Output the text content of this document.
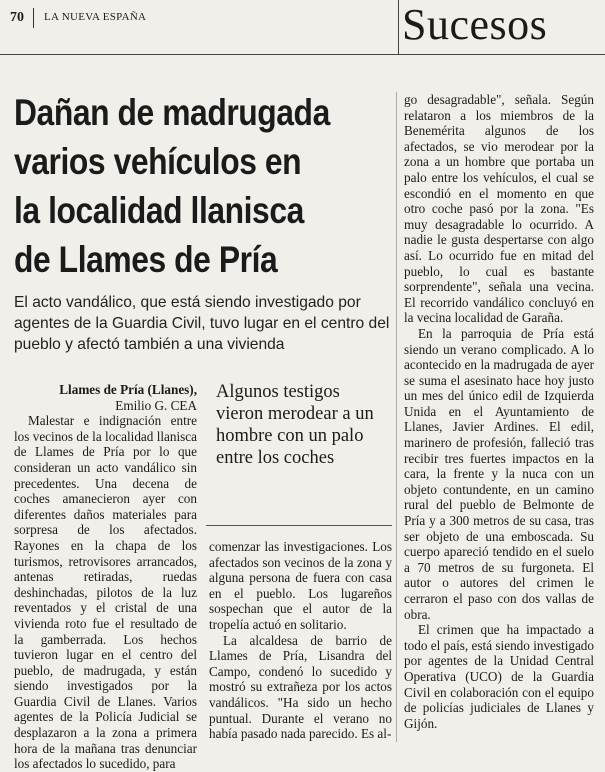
70 LA NUEVA ESPAÑA	Sucesos
Dañan de madrugada
varios vehículos en
la localidad llanisca
de Llames de Pría
El acto vandálico, que está siendo investigado por agentes de la Guardia Civil, tuvo lugar en el centro del pueblo y afectó también a una vivienda

Llames de Pría (Llanes),

Emilio G. CEA

Malestar e indignación entre los vecinos de la localidad llanisca de Llames de Pría por lo que consideran un acto vandálico sin precedentes. Una decena de coches amanecieron ayer con diferentes daños materiales para sorpresa de los afectados. Rayones en la chapa de los turismos, retrovisores arrancados, antenas retiradas, ruedas deshinchadas, pilotos de la luz reventados y el cristal de una vivienda roto fue el resultado de la gamberrada. Los hechos tuvieron lugar en el centro del pueblo, de madrugada, y están siendo investigados por la Guardia Civil de Llanes. Varios agentes de la Policía Judicial se desplazaron a la zona a primera hora de la mañana tras denunciar los afectados lo sucedido, para

Algunos testigos vieron merodear a un hombre con un palo entre los coches

comenzar las investigaciones. Los afectados son vecinos de la zona y alguna persona de fuera con casa en el pueblo. Los lugareños sospechan que el autor de la tropelía actuó en solitario.

La alcaldesa de barrio de Llames de Pría, Lisandra del Campo, condenó lo sucedido y mostró su extrañeza por los actos vandálicos. "Ha sido un hecho puntual. Durante el verano no había pasado nada parecido. Es al-

go desagradable", señala. Según relataron a los miembros de la Benemérita algunos de los afectados, se vio merodear por la zona a un hombre que portaba un palo entre los vehículos, el cual se escondió en el momento en que otro coche pasó por la zona. "Es muy desagradable lo ocurrido. A nadie le gusta despertarse con algo así. Lo ocurrido fue en mitad del pueblo, lo cual es bastante sorprendente", señala una vecina. El recorrido vandálico concluyó en la vecina localidad de Garaña.

En la parroquia de Pría está siendo un verano complicado. A lo acontecido en la madrugada de ayer se suma el asesinato hace hoy justo un mes del único edil de Izquierda Unida en el Ayuntamiento de Llanes, Javier Ardines. El edil, marinero de profesión, falleció tras recibir tres fuertes impactos en la cara, la frente y la nuca con un objeto contundente, en un camino rural del pueblo de Belmonte de Pría y a 300 metros de su casa, tras ser objeto de una emboscada. Su cuerpo apareció tendido en el suelo a 70 metros de su furgoneta. El autor o autores del crimen le cerraron el paso con dos vallas de obra.

El crimen que ha impactado a todo el país, está siendo investigado por agentes de la Unidad Central Operativa (UCO) de la Guardia Civil en colaboración con el equipo de policías judiciales de Llanes y Gijón.
